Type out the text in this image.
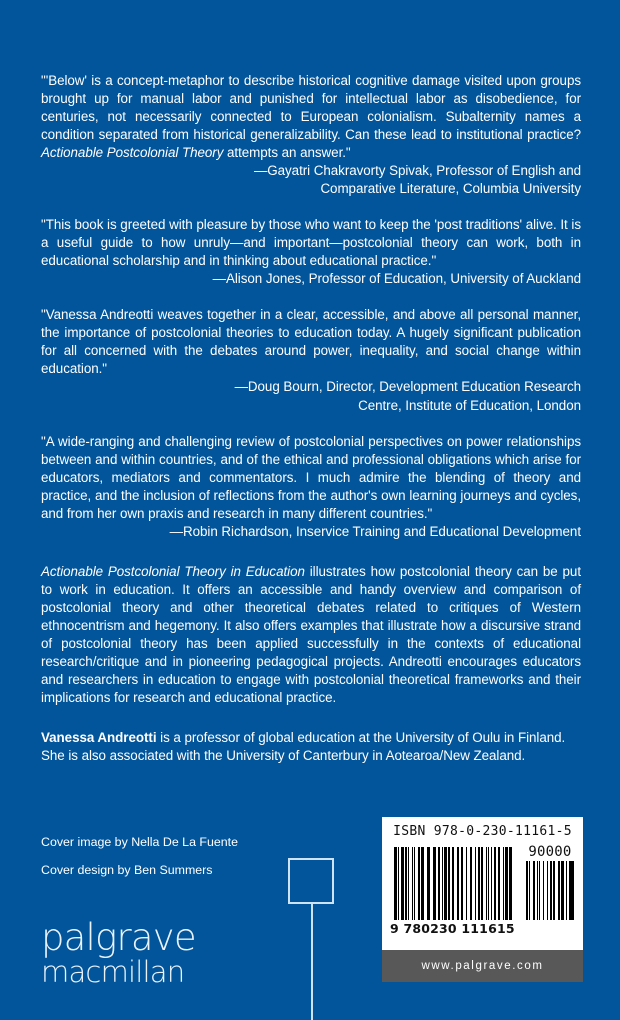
"'Below' is a concept-metaphor to describe historical cognitive damage visited upon groups brought up for manual labor and punished for intellectual labor as disobedience, for centuries, not necessarily connected to European colonialism. Subalternity names a condition separated from historical generalizability. Can these lead to institutional practice? Actionable Postcolonial Theory attempts an answer."

—Gayatri Chakravorty Spivak, Professor of English and

Comparative Literature, Columbia University

"This book is greeted with pleasure by those who want to keep the 'post traditions' alive. It is a useful guide to how unruly—and important—postcolonial theory can work, both in educational scholarship and in thinking about educational practice."

—Alison Jones, Professor of Education, University of Auckland

"Vanessa Andreotti weaves together in a clear, accessible, and above all personal manner, the importance of postcolonial theories to education today. A hugely significant publication for all concerned with the debates around power, inequality, and social change within education."

—Doug Bourn, Director, Development Education Research

Centre, Institute of Education, London

"A wide-ranging and challenging review of postcolonial perspectives on power relationships between and within countries, and of the ethical and professional obligations which arise for educators, mediators and commentators. I much admire the blending of theory and practice, and the inclusion of reflections from the author's own learning journeys and cycles, and from her own praxis and research in many different countries."

—Robin Richardson, Inservice Training and Educational Development

Actionable Postcolonial Theory in Education illustrates how postcolonial theory can be put to work in education. It offers an accessible and handy overview and comparison of postcolonial theory and other theoretical debates related to critiques of Western ethnocentrism and hegemony. It also offers examples that illustrate how a discursive strand of postcolonial theory has been applied successfully in the contexts of educational research/critique and in pioneering pedagogical projects. Andreotti encourages educators and researchers in education to engage with postcolonial theoretical frameworks and their implications for research and educational practice.

Vanessa Andreotti is a professor of global education at the University of Oulu in Finland. She is also associated with the University of Canterbury in Aotearoa/New Zealand.

Cover image by Nella De La Fuente
Cover design by Ben Summers
palgrave
macmillan
ISBN 978-0-230-11161-5
90000
9 780230 111615
www.palgrave.com
